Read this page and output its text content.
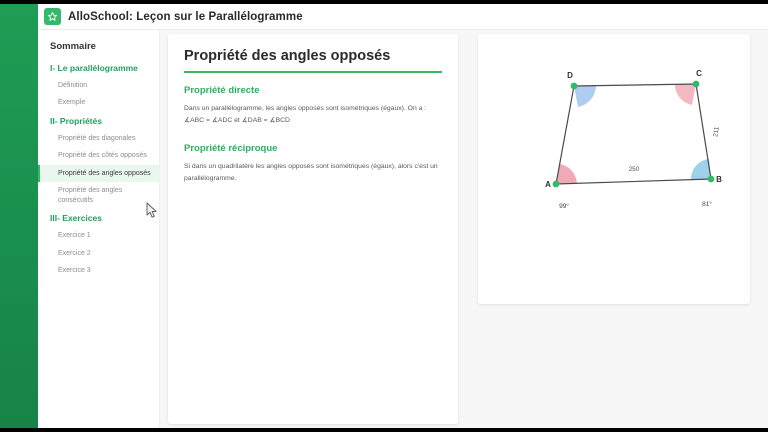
AlloSchool: Leçon sur le Parallélogramme
Sommaire
I- Le parallélogramme
Définition
Exemple
II- Propriétés
Propriété des diagonales
Propriété des côtés opposés
Propriété des angles opposés
Propriété des angles consécutifs
III- Exercices
Exercice 1
Exercice 2
Exercice 3
Propriété des angles opposés
Propriété directe

Dans un parallélogramme, les angles opposés sont isométriques (égaux). On a :

∡ABC = ∡ADC et ∡DAB = ∡BCD

Propriété réciproque

Si dans un quadrilatère les angles opposés sont isométriques (égaux), alors c'est un parallélogramme.

D	C
A
B
250
211
99°	81°
